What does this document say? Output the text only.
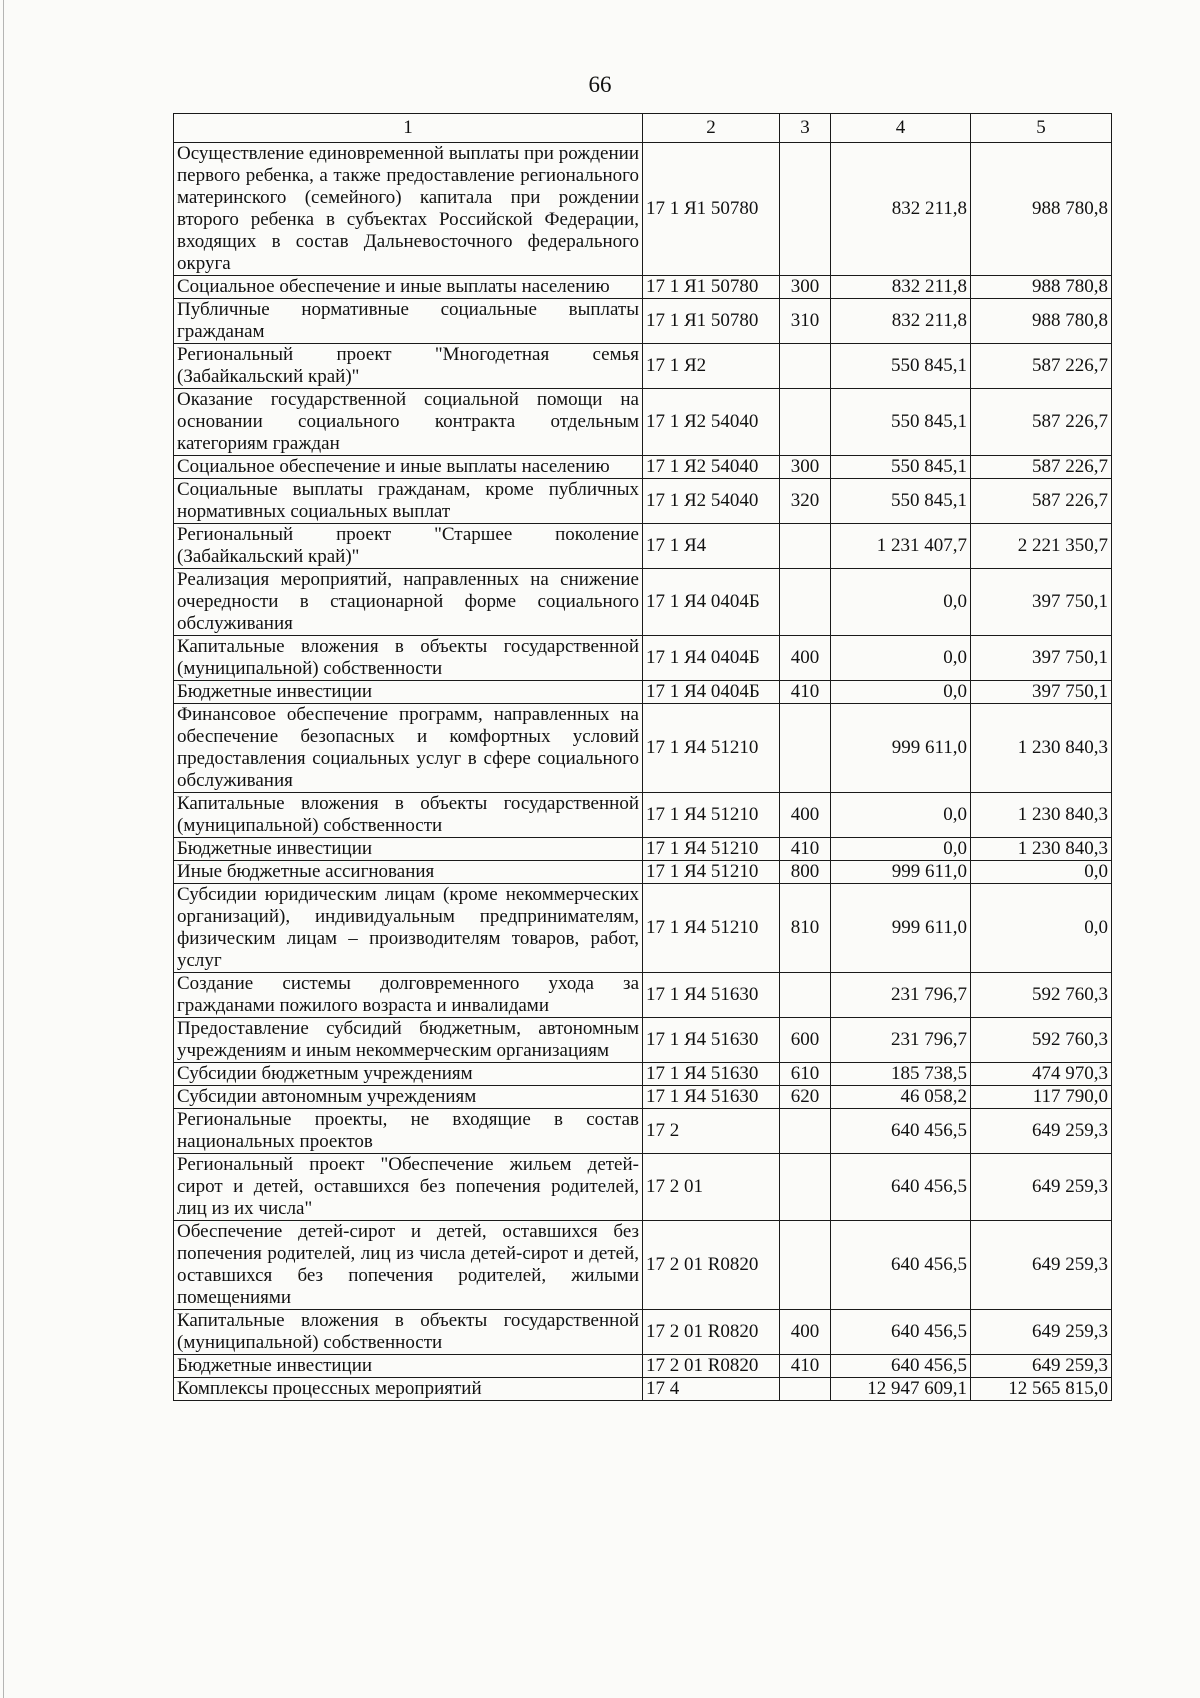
66
1	2	3	4	5
Осуществление единовременной выплаты при рождении первого ребенка, а также предоставление регионального материнского (семейного) капитала при рождении второго ребенка в субъектах Российской Федерации, входящих в состав Дальневосточного федерального округа	17 1 Я1 50780		832 211,8	988 780,8
Социальное обеспечение и иные выплаты населению	17 1 Я1 50780	300	832 211,8	988 780,8
Публичные нормативные социальные выплаты гражданам	17 1 Я1 50780	310	832 211,8	988 780,8
Региональный проект "Многодетная семья (Забайкальский край)"	17 1 Я2		550 845,1	587 226,7
Оказание государственной социальной помощи на основании социального контракта отдельным категориям граждан	17 1 Я2 54040		550 845,1	587 226,7
Социальное обеспечение и иные выплаты населению	17 1 Я2 54040	300	550 845,1	587 226,7
Социальные выплаты гражданам, кроме публичных нормативных социальных выплат	17 1 Я2 54040	320	550 845,1	587 226,7
Региональный проект "Старшее поколение (Забайкальский край)"	17 1 Я4		1 231 407,7	2 221 350,7
Реализация мероприятий, направленных на снижение очередности в стационарной форме социального обслуживания	17 1 Я4 0404Б		0,0	397 750,1
Капитальные вложения в объекты государственной (муниципальной) собственности	17 1 Я4 0404Б	400	0,0	397 750,1
Бюджетные инвестиции	17 1 Я4 0404Б	410	0,0	397 750,1
Финансовое обеспечение программ, направленных на обеспечение безопасных и комфортных условий предоставления социальных услуг в сфере социального обслуживания	17 1 Я4 51210		999 611,0	1 230 840,3
Капитальные вложения в объекты государственной (муниципальной) собственности	17 1 Я4 51210	400	0,0	1 230 840,3
Бюджетные инвестиции	17 1 Я4 51210	410	0,0	1 230 840,3
Иные бюджетные ассигнования	17 1 Я4 51210	800	999 611,0	0,0
Субсидии юридическим лицам (кроме некоммерческих организаций), индивидуальным предпринимателям, физическим лицам – производителям товаров, работ, услуг	17 1 Я4 51210	810	999 611,0	0,0
Создание системы долговременного ухода за гражданами пожилого возраста и инвалидами	17 1 Я4 51630		231 796,7	592 760,3
Предоставление субсидий бюджетным, автономным учреждениям и иным некоммерческим организациям	17 1 Я4 51630	600	231 796,7	592 760,3
Субсидии бюджетным учреждениям	17 1 Я4 51630	610	185 738,5	474 970,3
Субсидии автономным учреждениям	17 1 Я4 51630	620	46 058,2	117 790,0
Региональные проекты, не входящие в состав национальных проектов	17 2		640 456,5	649 259,3
Региональный проект "Обеспечение жильем детей-сирот и детей, оставшихся без попечения родителей, лиц из их числа"	17 2 01		640 456,5	649 259,3
Обеспечение детей-сирот и детей, оставшихся без попечения родителей, лиц из числа детей-сирот и детей, оставшихся без попечения родителей, жилыми помещениями	17 2 01 R0820		640 456,5	649 259,3
Капитальные вложения в объекты государственной (муниципальной) собственности	17 2 01 R0820	400	640 456,5	649 259,3
Бюджетные инвестиции	17 2 01 R0820	410	640 456,5	649 259,3
Комплексы процессных мероприятий	17 4		12 947 609,1	12 565 815,0
